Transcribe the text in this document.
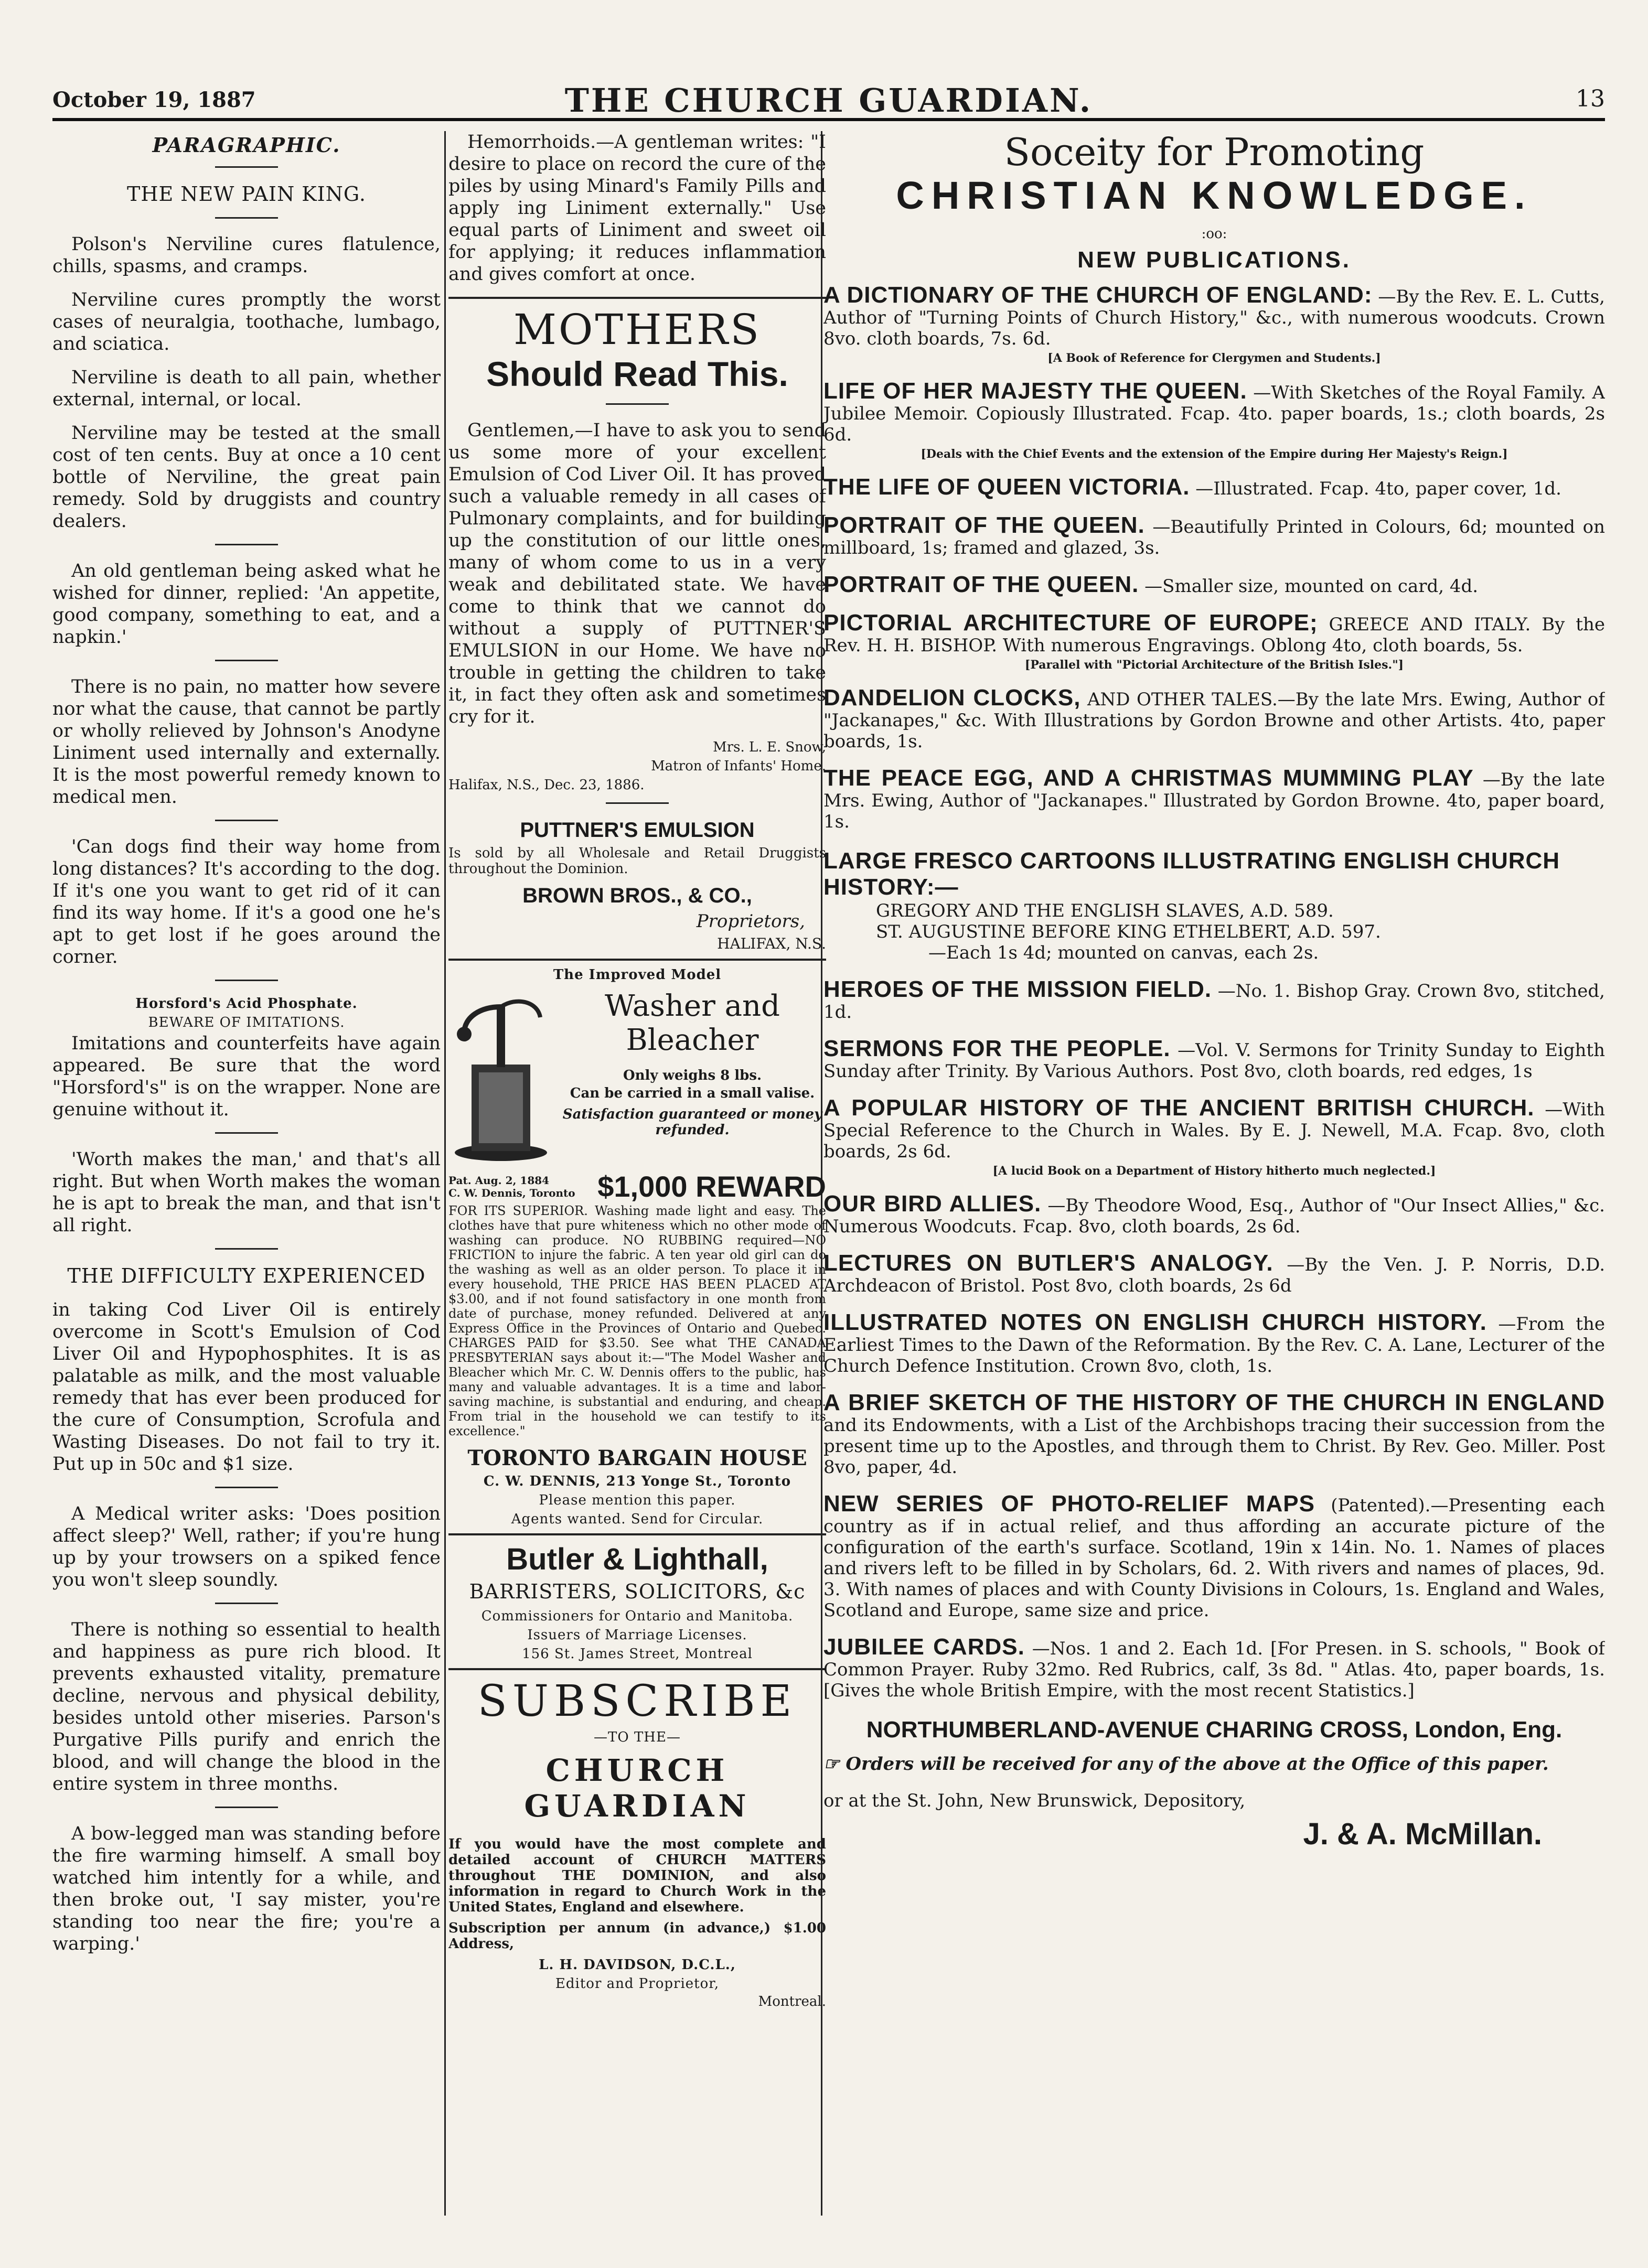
October 19, 1887	THE CHURCH GUARDIAN.	13
PARAGRAPHIC.
THE NEW PAIN KING.

Polson's Nerviline cures flatulence, chills, spasms, and cramps.

Nerviline cures promptly the worst cases of neuralgia, toothache, lumbago, and sciatica.

Nerviline is death to all pain, whether external, internal, or local.

Nerviline may be tested at the small cost of ten cents. Buy at once a 10 cent bottle of Nerviline, the great pain remedy. Sold by druggists and country dealers.

An old gentleman being asked what he wished for dinner, replied: 'An appetite, good company, something to eat, and a napkin.'

There is no pain, no matter how severe nor what the cause, that cannot be partly or wholly relieved by Johnson's Anodyne Liniment used internally and externally. It is the most powerful remedy known to medical men.

'Can dogs find their way home from long distances? It's according to the dog. If it's one you want to get rid of it can find its way home. If it's a good one he's apt to get lost if he goes around the corner.

Horsford's Acid Phosphate.
BEWARE OF IMITATIONS.

Imitations and counterfeits have again appeared. Be sure that the word "Horsford's" is on the wrapper. None are genuine without it.

'Worth makes the man,' and that's all right. But when Worth makes the woman he is apt to break the man, and that isn't all right.

THE DIFFICULTY EXPERIENCED

in taking Cod Liver Oil is entirely overcome in Scott's Emulsion of Cod Liver Oil and Hypophosphites. It is as palatable as milk, and the most valuable remedy that has ever been produced for the cure of Consumption, Scrofula and Wasting Diseases. Do not fail to try it. Put up in 50c and $1 size.

A Medical writer asks: 'Does position affect sleep?' Well, rather; if you're hung up by your trowsers on a spiked fence you won't sleep soundly.

There is nothing so essential to health and happiness as pure rich blood. It prevents exhausted vitality, premature decline, nervous and physical debility, besides untold other miseries. Parson's Purgative Pills purify and enrich the blood, and will change the blood in the entire system in three months.

A bow-legged man was standing before the fire warming himself. A small boy watched him intently for a while, and then broke out, 'I say mister, you're standing too near the fire; you're a warping.'

Hemorrhoids.—A gentleman writes: "I desire to place on record the cure of the piles by using Minard's Family Pills and apply ing Liniment externally." Use equal parts of Liniment and sweet oil for applying; it reduces inflammation and gives comfort at once.

MOTHERS
Should Read This.

Gentlemen,—I have to ask you to send us some more of your excellent Emulsion of Cod Liver Oil. It has proved such a valuable remedy in all cases of Pulmonary complaints, and for building up the constitution of our little ones, many of whom come to us in a very weak and debilitated state. We have come to think that we cannot do without a supply of PUTTNER'S EMULSION in our Home. We have no trouble in getting the children to take it, in fact they often ask and sometimes cry for it.

Mrs. L. E. Snow,
Matron of Infants' Home.
Halifax, N.S., Dec. 23, 1886.
PUTTNER'S EMULSION
Is sold by all Wholesale and Retail Druggists throughout the Dominion.
BROWN BROS., & CO.,
Proprietors,
HALIFAX, N.S.
The Improved Model
Washer and Bleacher
Only weighs 8 lbs.
Can be carried in a small valise.
Satisfaction guaranteed or money refunded.
Pat. Aug. 2, 1884
C. W. Dennis, Toronto $1,000 REWARD
FOR ITS SUPERIOR. Washing made light and easy. The clothes have that pure whiteness which no other mode of washing can produce. NO RUBBING required—NO FRICTION to injure the fabric. A ten year old girl can do the washing as well as an older person. To place it in every household, THE PRICE HAS BEEN PLACED AT $3.00, and if not found satisfactory in one month from date of purchase, money refunded. Delivered at any Express Office in the Provinces of Ontario and Quebec. CHARGES PAID for $3.50. See what THE CANADA PRESBYTERIAN says about it:—"The Model Washer and Bleacher which Mr. C. W. Dennis offers to the public, has many and valuable advantages. It is a time and labor-saving machine, is substantial and enduring, and cheap. From trial in the household we can testify to its excellence."
TORONTO BARGAIN HOUSE
C. W. DENNIS, 213 Yonge St., Toronto
Please mention this paper.
Agents wanted. Send for Circular.
Butler & Lighthall,
BARRISTERS, SOLICITORS, &c
Commissioners for Ontario and Manitoba.
Issuers of Marriage Licenses.
156 St. James Street, Montreal
SUBSCRIBE
—TO THE—
CHURCH GUARDIAN
If you would have the most complete and detailed account of CHURCH MATTERS throughout THE DOMINION, and also information in regard to Church Work in the United States, England and elsewhere.
Subscription per annum (in advance,) $1.00 Address,
L. H. DAVIDSON, D.C.L.,
Editor and Proprietor,
Montreal.
Soceity for Promoting
CHRISTIAN KNOWLEDGE.
:oo:
NEW PUBLICATIONS.
A DICTIONARY OF THE CHURCH OF ENGLAND: —By the Rev. E. L. Cutts, Author of "Turning Points of Church History," &c., with numerous woodcuts. Crown 8vo. cloth boards, 7s. 6d.
[A Book of Reference for Clergymen and Students.]
LIFE OF HER MAJESTY THE QUEEN. —With Sketches of the Royal Family. A Jubilee Memoir. Copiously Illustrated. Fcap. 4to. paper boards, 1s.; cloth boards, 2s 6d.
[Deals with the Chief Events and the extension of the Empire during Her Majesty's Reign.]
THE LIFE OF QUEEN VICTORIA. —Illustrated. Fcap. 4to, paper cover, 1d.
PORTRAIT OF THE QUEEN. —Beautifully Printed in Colours, 6d; mounted on millboard, 1s; framed and glazed, 3s.
PORTRAIT OF THE QUEEN. —Smaller size, mounted on card, 4d.
PICTORIAL ARCHITECTURE OF EUROPE; GREECE AND ITALY. By the Rev. H. H. BISHOP. With numerous Engravings. Oblong 4to, cloth boards, 5s.
[Parallel with "Pictorial Architecture of the British Isles."]
DANDELION CLOCKS, AND OTHER TALES.—By the late Mrs. Ewing, Author of "Jackanapes," &c. With Illustrations by Gordon Browne and other Artists. 4to, paper boards, 1s.
THE PEACE EGG, AND A CHRISTMAS MUMMING PLAY —By the late Mrs. Ewing, Author of "Jackanapes." Illustrated by Gordon Browne. 4to, paper board, 1s.
LARGE FRESCO CARTOONS ILLUSTRATING ENGLISH CHURCH HISTORY:—
GREGORY AND THE ENGLISH SLAVES, A.D. 589.
ST. AUGUSTINE BEFORE KING ETHELBERT, A.D. 597.
—Each 1s 4d; mounted on canvas, each 2s.
HEROES OF THE MISSION FIELD. —No. 1. Bishop Gray. Crown 8vo, stitched, 1d.
SERMONS FOR THE PEOPLE. —Vol. V. Sermons for Trinity Sunday to Eighth Sunday after Trinity. By Various Authors. Post 8vo, cloth boards, red edges, 1s
A POPULAR HISTORY OF THE ANCIENT BRITISH CHURCH. —With Special Reference to the Church in Wales. By E. J. Newell, M.A. Fcap. 8vo, cloth boards, 2s 6d.
[A lucid Book on a Department of History hitherto much neglected.]
OUR BIRD ALLIES. —By Theodore Wood, Esq., Author of "Our Insect Allies," &c. Numerous Woodcuts. Fcap. 8vo, cloth boards, 2s 6d.
LECTURES ON BUTLER'S ANALOGY. —By the Ven. J. P. Norris, D.D. Archdeacon of Bristol. Post 8vo, cloth boards, 2s 6d
ILLUSTRATED NOTES ON ENGLISH CHURCH HISTORY. —From the Earliest Times to the Dawn of the Reformation. By the Rev. C. A. Lane, Lecturer of the Church Defence Institution. Crown 8vo, cloth, 1s.
A BRIEF SKETCH OF THE HISTORY OF THE CHURCH IN ENGLAND and its Endowments, with a List of the Archbishops tracing their succession from the present time up to the Apostles, and through them to Christ. By Rev. Geo. Miller. Post 8vo, paper, 4d.
NEW SERIES OF PHOTO-RELIEF MAPS (Patented).—Presenting each country as if in actual relief, and thus affording an accurate picture of the configuration of the earth's surface. Scotland, 19in x 14in. No. 1. Names of places and rivers left to be filled in by Scholars, 6d. 2. With rivers and names of places, 9d. 3. With names of places and with County Divisions in Colours, 1s. England and Wales, Scotland and Europe, same size and price.
JUBILEE CARDS. —Nos. 1 and 2. Each 1d. [For Presen. in S. schools, " Book of Common Prayer. Ruby 32mo. Red Rubrics, calf, 3s 8d. " Atlas. 4to, paper boards, 1s. [Gives the whole British Empire, with the most recent Statistics.]
NORTHUMBERLAND-AVENUE CHARING CROSS, London, Eng.
☞ Orders will be received for any of the above at the Office of this paper.
or at the St. John, New Brunswick, Depository,
J. & A. McMillan.
